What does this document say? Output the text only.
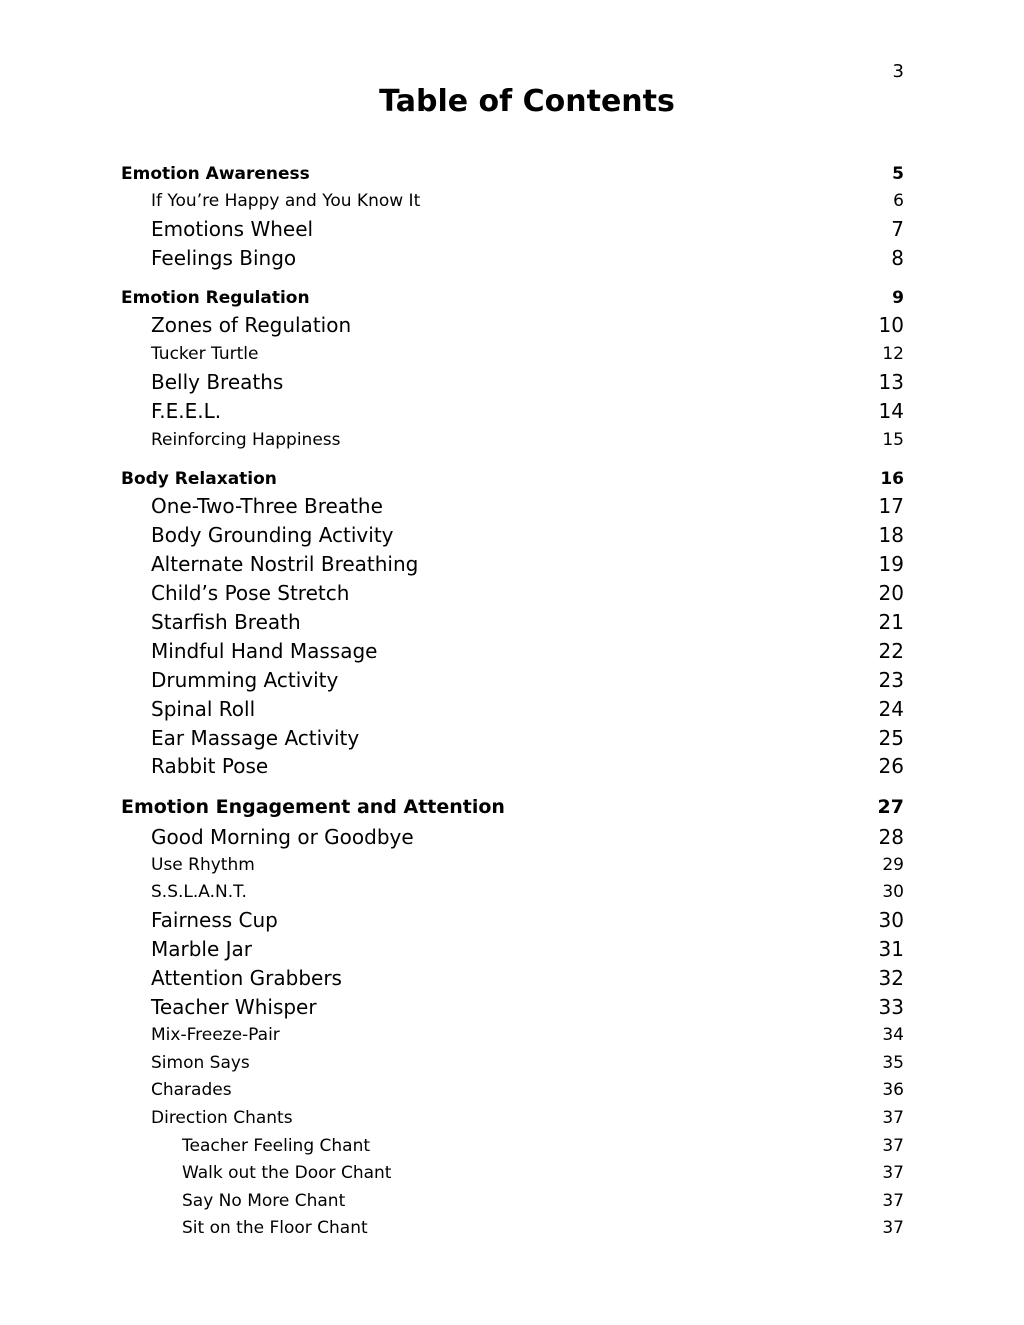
3
Table of Contents
Emotion Awareness	5
If You’re Happy and You Know It	6
Emotions Wheel	7
Feelings Bingo	8
Emotion Regulation	9
Zones of Regulation	10
Tucker Turtle	12
Belly Breaths	13
F.E.E.L.	14
Reinforcing Happiness	15
Body Relaxation	16
One-Two-Three Breathe	17
Body Grounding Activity	18
Alternate Nostril Breathing	19
Child’s Pose Stretch	20
Starfish Breath	21
Mindful Hand Massage	22
Drumming Activity	23
Spinal Roll	24
Ear Massage Activity	25
Rabbit Pose	26
Emotion Engagement and Attention	27
Good Morning or Goodbye	28
Use Rhythm	29
S.S.L.A.N.T.	30
Fairness Cup	30
Marble Jar	31
Attention Grabbers	32
Teacher Whisper	33
Mix-Freeze-Pair	34
Simon Says	35
Charades	36
Direction Chants	37
Teacher Feeling Chant	37
Walk out the Door Chant	37
Say No More Chant	37
Sit on the Floor Chant	37
